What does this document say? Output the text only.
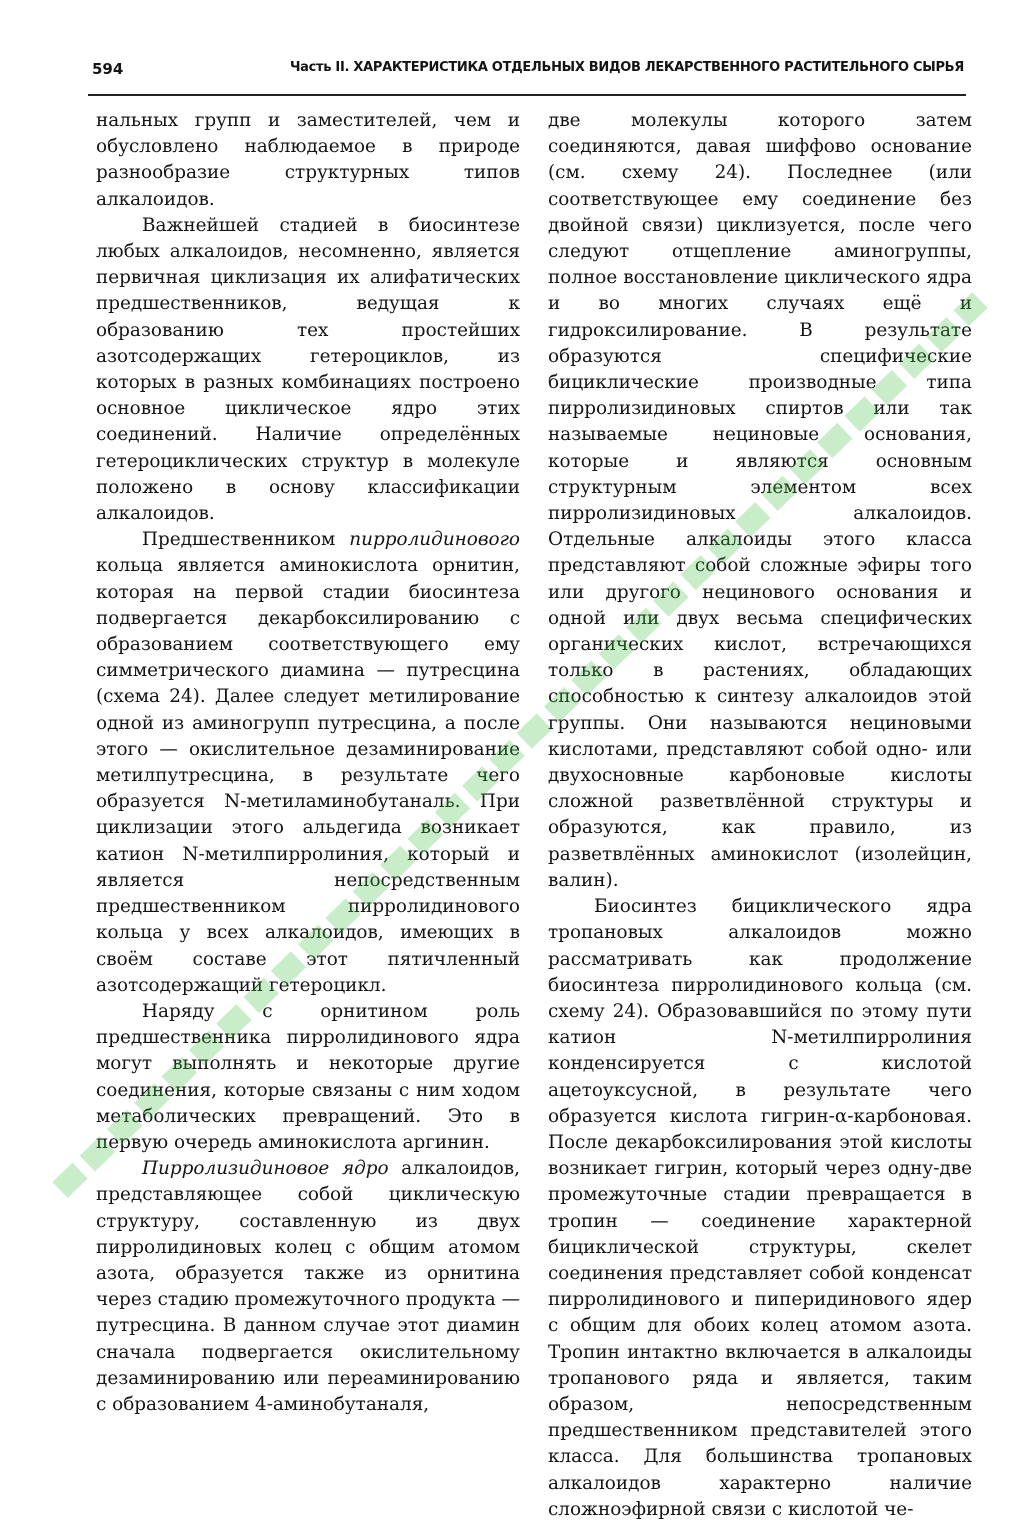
594	Часть II. ХАРАКТЕРИСТИКА ОТДЕЛЬНЫХ ВИДОВ ЛЕКАРСТВЕННОГО РАСТИТЕЛЬНОГО СЫРЬЯ

нальных групп и заместителей, чем и обусловлено наблюдаемое в природе разнообразие структурных типов алкалоидов.

Важнейшей стадией в биосинтезе любых алкалоидов, несомненно, является первичная циклизация их алифатических предшественников, ведущая к образованию тех простейших азотсодержащих гетероциклов, из которых в разных комбинациях построено основное циклическое ядро этих соединений. Наличие определённых гетероциклических структур в молекуле положено в основу классификации алкалоидов.

Предшественником пирролидинового кольца является аминокислота орнитин, которая на первой стадии биосинтеза подвергается декарбоксилированию с образованием соответствующего ему симметрического диамина — путресцина (схема 24). Далее следует метилирование одной из аминогрупп путресцина, а после этого — окислительное дезаминирование метилпутресцина, в результате чего образуется N-метиламинобутаналь. При циклизации этого альдегида возникает катион N-метилпирролиния, который и является непосредственным предшественником пирролидинового кольца у всех алкалоидов, имеющих в своём составе этот пятичленный азотсодержащий гетероцикл.

Наряду с орнитином роль предшественника пирролидинового ядра могут выполнять и некоторые другие соединения, которые связаны с ним ходом метаболических превращений. Это в первую очередь аминокислота аргинин.

Пирролизидиновое ядро алкалоидов, представляющее собой циклическую структуру, составленную из двух пирролидиновых колец с общим атомом азота, образуется также из орнитина через стадию промежуточного продукта — путресцина. В данном случае этот диамин сначала подвергается окислительному дезаминированию или переаминированию с образованием 4-аминобутаналя,

две молекулы которого затем соединяются, давая шиффово основание (см. схему 24). Последнее (или соответствующее ему соединение без двойной связи) циклизуется, после чего следуют отщепление аминогруппы, полное восстановление циклического ядра и во многих случаях ещё и гидроксилирование. В результате образуются специфические бициклические производные типа пирролизидиновых спиртов или так называемые нециновые основания, которые и являются основным структурным элементом всех пирролизидиновых алкалоидов. Отдельные алкалоиды этого класса представляют собой сложные эфиры того или другого нецинового основания и одной или двух весьма специфических органических кислот, встречающихся только в растениях, обладающих способностью к синтезу алкалоидов этой группы. Они называются нециновыми кислотами, представляют собой одно- или двухосновные карбоновые кислоты сложной разветвлённой структуры и образуются, как правило, из разветвлённых аминокислот (изолейцин, валин).

Биосинтез бициклического ядра тропановых алкалоидов можно рассматривать как продолжение биосинтеза пирролидинового кольца (см. схему 24). Образовавшийся по этому пути катион N-метилпирролиния конденсируется с кислотой ацетоуксусной, в результате чего образуется кислота гигрин-α-карбоновая. После декарбоксилирования этой кислоты возникает гигрин, который через одну-две промежуточные стадии превращается в тропин — соединение характерной бициклической структуры, скелет соединения представляет собой конденсат пирролидинового и пиперидинового ядер с общим для обоих колец атомом азота. Тропин интактно включается в алкалоиды тропанового ряда и является, таким образом, непосредственным предшественником представителей этого класса. Для большинства тропановых алкалоидов характерно наличие сложноэфирной связи с кислотой че-
